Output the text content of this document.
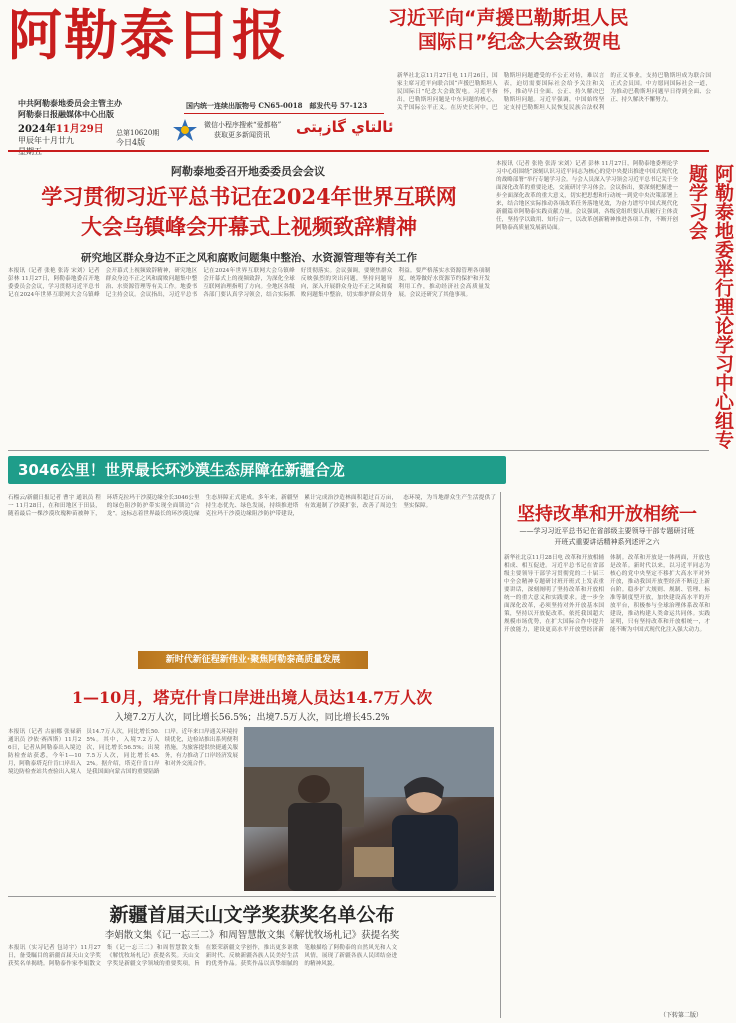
阿勒泰日报
中共阿勒泰地委员会主管主办
阿勒泰日报融媒体中心出版
2024年11月29日
甲辰年十月廿九
总第10620期
今日4版
国内统一连续出版物号 CN65-0018　邮发代号 57-123
微信小程序搜索“爱都格”
获取更多新闻资讯	ئالتاي گازېتى
习近平向“声援巴勒斯坦人民
国际日”纪念大会致贺电
新华社北京11月27日电 11月26日，国家主席习近平向联合国“声援巴勒斯坦人民国际日”纪念大会致贺电。习近平指出，巴勒斯坦问题是中东问题的核心，关乎国际公平正义。在历史长河中，巴勒斯坦问题遭受的不公正对待，难以言表，迫切需要国际社会给予关注和关怀，推动早日全面、公正、持久解决巴勒斯坦问题。习近平强调，中国始终坚定支持巴勒斯坦人民恢复民族合法权利的正义事业，支持巴勒斯坦成为联合国正式会员国。中方愿同国际社会一道，为推动巴勒斯坦问题早日得到全面、公正、持久解决不懈努力。
阿勒泰地委召开地委委员会会议
学习贯彻习近平总书记在2024年世界互联网
大会乌镇峰会开幕式上视频致辞精神
研究地区群众身边不正之风和腐败问题集中整治、水资源管理等有关工作
本报讯（记者 张艳 张涛 宋刘）记者 彭林 11月27日，阿勒泰地委召开地委委员会会议，学习贯彻习近平总书记在2024年世界互联网大会乌镇峰会开幕式上视频致辞精神，研究地区群众身边不正之风和腐败问题集中整治、水资源管理等有关工作。地委书记主持会议。会议指出，习近平总书记在2024年世界互联网大会乌镇峰会开幕式上的视频致辞，为深化全球互联网治理指明了方向。全地区各级各部门要认真学习领会，结合实际抓好贯彻落实。会议强调，要聚焦群众反映强烈的突出问题，坚持问题导向，深入开展群众身边不正之风和腐败问题集中整治，切实维护群众切身利益。要严格落实水资源管理各项制度，统筹做好水资源节约保护和开发利用工作，推动经济社会高质量发展。会议还研究了其他事项。
本报讯（记者 张艳 张涛 宋刘）记者 彭林 11月27日，阿勒泰地委理论学习中心组围绕“深刻认识习近平同志为核心的党中央提出推进中国式现代化的战略部署”举行专题学习会。与会人员深入学习领会习近平总书记关于全面深化改革的重要论述，交流研讨学习体会。会议指出，要深刻把握进一步全面深化改革的重大意义，切实把思想和行动统一到党中央决策部署上来，结合地区实际推动各项改革任务落地见效，为奋力谱写中国式现代化新疆篇章阿勒泰实践贡献力量。会议强调，各级党组织要认真履行主体责任，坚持学以致用、知行合一，以改革创新精神推进各项工作，不断开创阿勒泰高质量发展新局面。	阿勒泰地委举行理论学习中心组专题学习会
3046公里！世界最长环沙漠生态屏障在新疆合龙
石榴云/新疆日报记者 曹宇 通讯员 程一 11月28日，在和田地区于田县，随着最后一棵沙漠玫瑰种苗被种下，环塔克拉玛干沙漠边缘全长3046公里的绿色阻沙防护带实现全面锁边“合龙”。这标志着世界最长的环沙漠边缘生态屏障正式建成。多年来，新疆坚持生态优先、绿色发展，持续推进塔克拉玛干沙漠边缘阻沙防护带建设，累计完成治沙造林面积超过百万亩，有效遏制了沙漠扩张，改善了周边生态环境，为当地群众生产生活提供了坚实保障。	坚持改革和开放相统一
——学习习近平总书记在省部级主要领导干部专题研讨班
开班式重要讲话精神系列述评之六
新华社北京11月28日电 改革和开放相辅相成、相互促进。习近平总书记在省部级主要领导干部学习贯彻党的二十届三中全会精神专题研讨班开班式上发表重要讲话，深刻阐明了坚持改革和开放相统一的重大意义和实践要求。进一步全面深化改革，必须坚持对外开放基本国策，坚持以开放促改革，依托我国超大规模市场优势，在扩大国际合作中提升开放能力，建设更高水平开放型经济新体制。改革和开放是一体两面，开放也是改革。新时代以来，以习近平同志为核心的党中央坚定不移扩大高水平对外开放，推动我国开放型经济不断迈上新台阶。稳步扩大规则、规制、管理、标准等制度型开放，加快建设高水平的开放平台，积极参与全球治理体系改革和建设，推动构建人类命运共同体。实践证明，只有坚持改革和开放相统一，才能不断为中国式现代化注入强大动力。
新时代新征程新伟业·聚焦阿勒泰高质量发展
1—10月，塔克什肯口岸进出境人员达14.7万人次
入境7.2万人次，同比增长56.5%；出境7.5万人次，同比增长45.2%
本报讯（记者 古丽娜 张禄新 通讯员 沙依·赛西斯）11月26日，记者从阿勒泰出入境边防检查站获悉，今年1—10月，阿勒泰塔克什肯口岸出入境边防检查站共查验出入境人员14.7万人次，同比增长50.5%。其中，入境7.2万人次，同比增长56.5%；出境7.5万人次，同比增长45.2%。据介绍，塔克什肯口岸是我国面向蒙古国的重要陆路口岸，近年来口岸通关环境持续优化，边检站推出系列便利措施，为旅客提供快捷通关服务，有力推动了口岸经济发展和对外交流合作。
新疆首届天山文学奖获奖名单公布
李娟散文集《记一忘三二》和周智慧散文集《解忧牧场札记》获提名奖
本报讯（实习记者 包诗宇）11月27日，备受瞩目的新疆首届天山文学奖获奖名单揭晓。阿勒泰作家李娟散文集《记一忘三二》和周智慧散文集《解忧牧场札记》获提名奖。天山文学奖是新疆文学领域的重要奖项，旨在繁荣新疆文学创作，推出更多讴歌新时代、反映新疆各族人民美好生活的优秀作品。获奖作品以真挚细腻的笔触描绘了阿勒泰的自然风光和人文风情，展现了新疆各族人民团结奋进的精神风貌。
（下转第二版）
